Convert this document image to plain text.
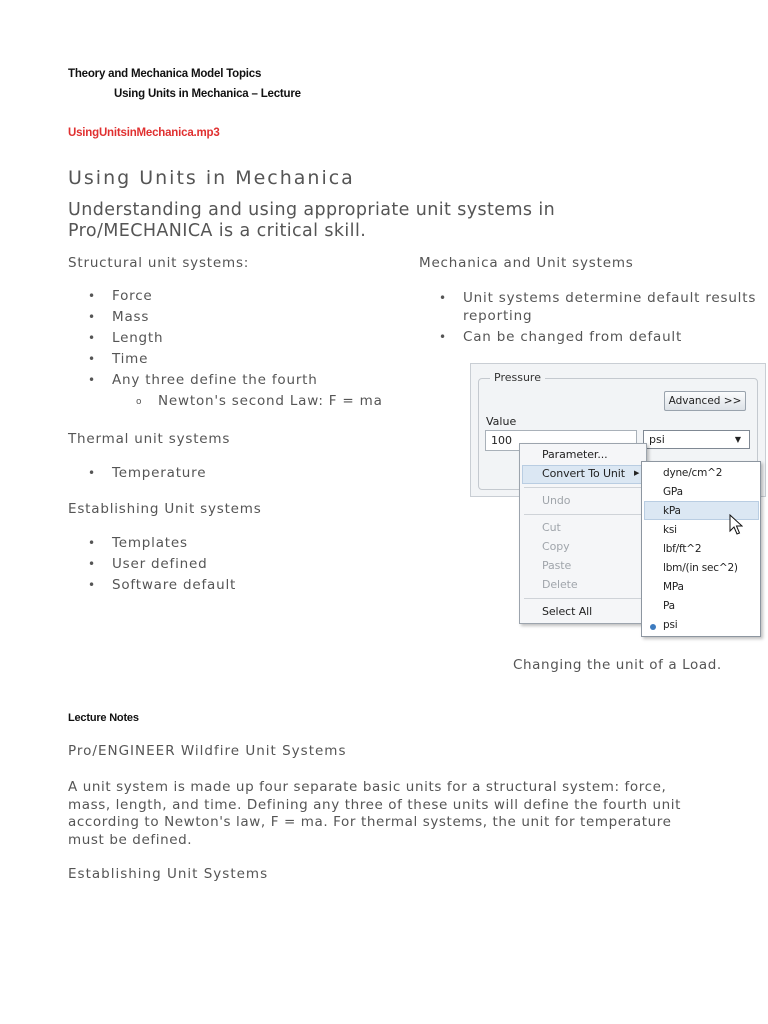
Theory and Mechanica Model Topics
Using Units in Mechanica – Lecture
UsingUnitsinMechanica.mp3
Using Units in Mechanica
Understanding and using appropriate unit systems in
Pro/MECHANICA is a critical skill.
Structural unit systems:
• Force
• Mass
• Length
• Time
• Any three define the fourth
o Newton's second Law: F = ma
Thermal unit systems
• Temperature
Establishing Unit systems
• Templates
• User defined
• Software default
Mechanica and Unit systems
• Unit systems determine default results reporting
• Can be changed from default
Pressure
Advanced >>
Value
100	psi	▼
Parameter...
Convert To Unit ▶
Undo
Cut
Copy
Paste
Delete
Select All
dyne/cm^2
GPa
kPa
ksi
lbf/ft^2
lbm/(in sec^2)
MPa
Pa
psi
Changing the unit of a Load.
Lecture Notes
Pro/ENGINEER Wildfire Unit Systems
A unit system is made up four separate basic units for a structural system: force,
mass, length, and time. Defining any three of these units will define the fourth unit
according to Newton's law, F = ma. For thermal systems, the unit for temperature
must be defined.
Establishing Unit Systems
